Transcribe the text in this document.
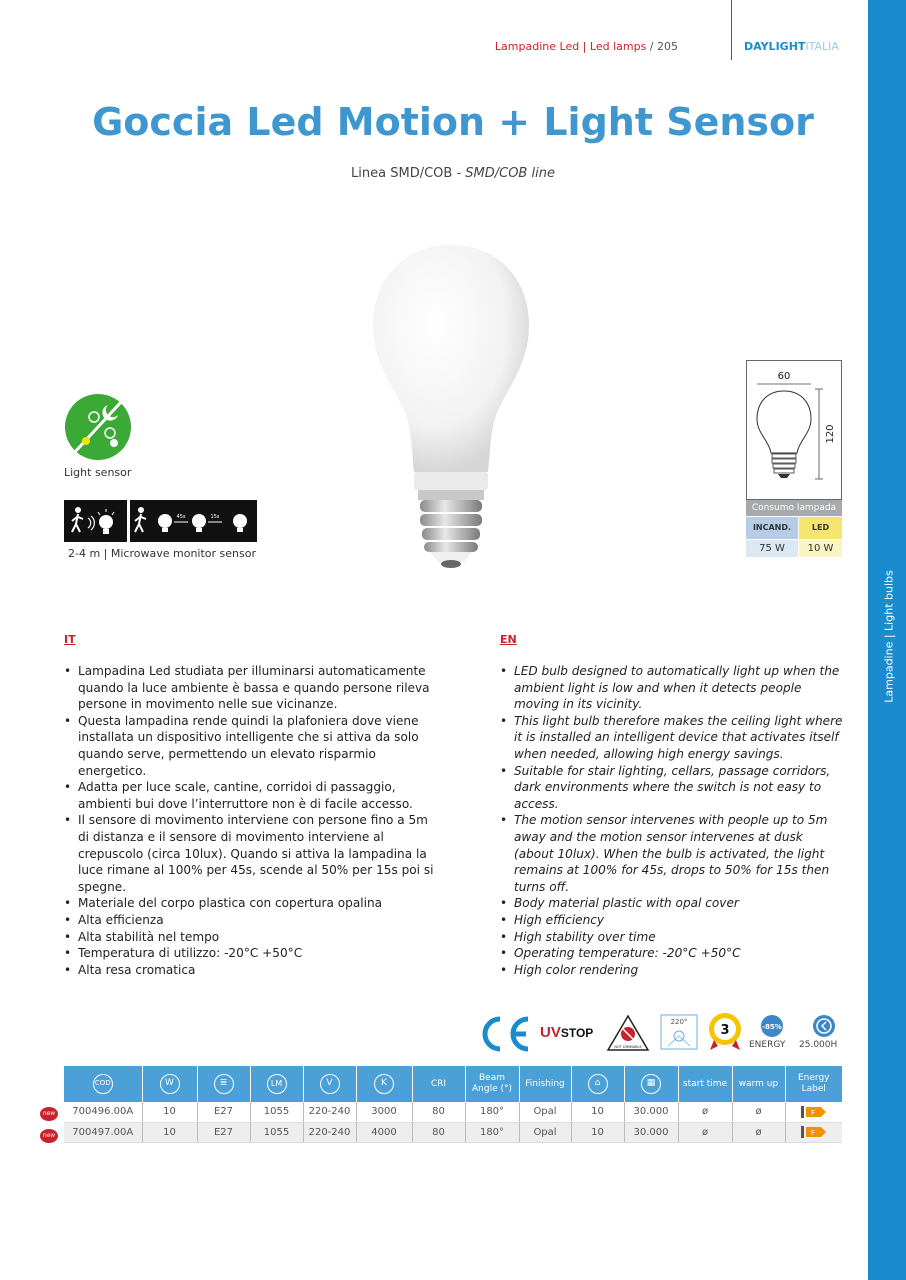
Lampadine | Light bulbs
Lampadine Led | Led lamps / 205	DAYLIGHTITALIA
Goccia Led Motion + Light Sensor
Linea SMD/COB - SMD/COB line
Light sensor
45s	15s
2-4 m | Microwave monitor sensor
60
120
Consumo lampada
INCAND.	LED
75 W	10 W
IT	EN
• Lampadina Led studiata per illuminarsi automaticamente quando la luce ambiente è bassa e quando persone rileva persone in movimento nelle sue vicinanze.
• Questa lampadina rende quindi la plafoniera dove viene installata un dispositivo intelligente che si attiva da solo quando serve, permettendo un elevato risparmio energetico.
• Adatta per luce scale, cantine, corridoi di passaggio, ambienti bui dove l’interruttore non è di facile accesso.
• Il sensore di movimento interviene con persone fino a 5m di distanza e il sensore di movimento interviene al crepuscolo (circa 10lux). Quando si attiva la lampadina la luce rimane al 100% per 45s, scende al 50% per 15s poi si spegne.
• Materiale del corpo plastica con copertura opalina
• Alta efficienza
• Alta stabilità nel tempo
• Temperatura di utilizzo: -20°C +50°C
• Alta resa cromatica
• LED bulb designed to automatically light up when the ambient light is low and when it detects people moving in its vicinity.
• This light bulb therefore makes the ceiling light where it is installed an intelligent device that activates itself when needed, allowing high energy savings.
• Suitable for stair lighting, cellars, passage corridors, dark environments where the switch is not easy to access.
• The motion sensor intervenes with people up to 5m away and the motion sensor intervenes at dusk (about 10lux). When the bulb is activated, the light remains at 100% for 45s, drops to 50% for 15s then turns off.
• Body material plastic with opal cover
• High efficiency
• High stability over time
• Operating temperature: -20°C +50°C
• High color rendering
UVSTOP
NOT DIMMABLE
220°
3	-85%
ENERGY 25.000H
COD	W	≣	LM	V	K	CRI	Beam Angle (°)	Finishing	⌂	▦	start time	warm up	Energy Label
700496.00A	10	E27	1055	220-240	3000	80	180°	Opal	10	30.000	ø	ø	F

700497.00A	10	E27	1055	220-240	4000	80	180°	Opal	10	30.000	ø	ø	F
new
new
